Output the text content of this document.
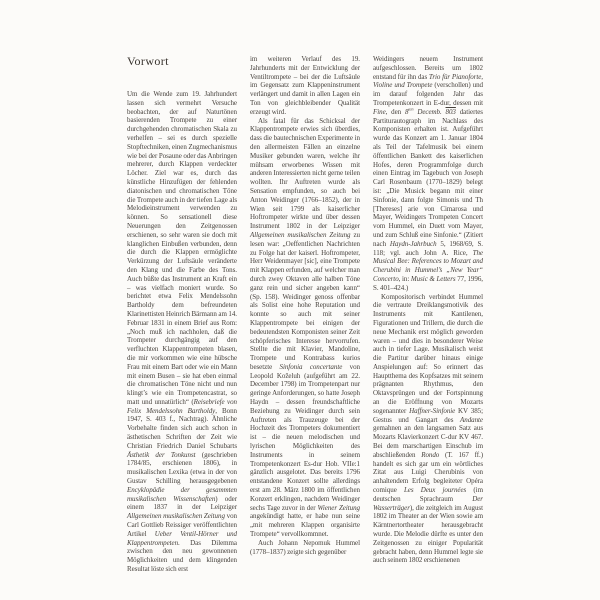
Vorwort

Um die Wende zum 19. Jahrhundert lassen sich vermehrt Versuche beobachten, der auf Naturtönen basierenden Trompete zu einer durchgehenden chromatischen Skala zu verhelfen – sei es durch spezielle Stopftechniken, einen Zugmechanismus wie bei der Posaune oder das Anbringen mehrerer, durch Klappen verdeckter Löcher. Ziel war es, durch das künstliche Hinzufügen der fehlenden diatonischen und chromatischen Töne die Trompete auch in der tiefen Lage als Melodieinstrument verwenden zu können. So sensationell diese Neuerungen den Zeitgenossen erschienen, so sehr waren sie doch mit klanglichen Einbußen verbunden, denn die durch die Klappen ermöglichte Verkürzung der Luftsäule veränderte den Klang und die Farbe des Tons. Auch büßte das Instrument an Kraft ein – was vielfach moniert wurde. So berichtet etwa Felix Mendelssohn Bartholdy dem befreundeten Klarinettisten Heinrich Bärmann am 14. Februar 1831 in einem Brief aus Rom: „Noch muß ich nachholen, daß die Trompeter durchgängig auf den verfluchten Klappentrompeten blasen, die mir vorkommen wie eine hübsche Frau mit einem Bart oder wie ein Mann mit einem Busen – sie hat eben einmal die chromatischen Töne nicht und nun klingt’s wie ein Trompetencastrat, so matt und unnatürlich“ (Reisebriefe von Felix Mendelssohn Bartholdy, Bonn 1947, S. 403 f., Nachtrag). Ähnliche Vorbehalte finden sich auch schon in ästhetischen Schriften der Zeit wie Christian Friedrich Daniel Schubarts Ästhetik der Tonkunst (geschrieben 1784/85, erschienen 1806), in musikalischen Lexika (etwa in der von Gustav Schilling herausgegebenen Encyklopädie der gesammten musikalischen Wissenschaften) oder einem 1837 in der Leipziger Allgemeinen musikalischen Zeitung von Carl Gottlieb Reissiger veröffentlichten Artikel Ueber Ventil-Hörner und Klappentrompeten. Das Dilemma zwischen den neu gewonnenen Möglichkeiten und dem klingenden Resultat löste sich erst

im weiteren Verlauf des 19. Jahrhunderts mit der Entwicklung der Ventiltrompete – bei der die Luftsäule im Gegensatz zum Klappeninstrument verlängert und damit in allen Lagen ein Ton von gleichbleibender Qualität erzeugt wird.

Als fatal für das Schicksal der Klappentrompete erwies sich überdies, dass die bautechnischen Experimente in den allermeisten Fällen an einzelne Musiker gebunden waren, welche ihr mühsam erworbenes Wissen mit anderen Interessierten nicht gerne teilen wollten. Ihr Auftreten wurde als Sensation empfunden, so auch bei Anton Weidinger (1766–1852), der in Wien seit 1799 als kaiserlicher Hoftrompeter wirkte und über dessen Instrument 1802 in der Leipziger Allgemeinen musikalischen Zeitung zu lesen war: „Oeffentlichen Nachrichten zu Folge hat der kaiserl. Hoftrompeter, Herr Weidenmayer [sic], eine Trompete mit Klappen erfunden, auf welcher man durch zwey Oktaven alle halben Töne ganz rein und sicher angeben kann“ (Sp. 158). Weidinger genoss offenbar als Solist eine hohe Reputation und konnte so auch mit seiner Klappentrompete bei einigen der bedeutendsten Komponisten seiner Zeit schöpferisches Interesse hervorrufen. Stellte die mit Klavier, Mandoline, Trompete und Kontrabass kurios besetzte Sinfonia concertante von Leopold Koželuh (aufgeführt am 22. December 1798) im Trompetenpart nur geringe Anforderungen, so hatte Joseph Haydn – dessen freundschaftliche Beziehung zu Weidinger durch sein Auftreten als Trauzeuge bei der Hochzeit des Trompeters dokumentiert ist – die neuen melodischen und lyrischen Möglichkeiten des Instruments in seinem Trompetenkonzert Es-dur Hob. VIIe:1 gänzlich ausgelotet. Das bereits 1796 entstandene Konzert sollte allerdings erst am 28. März 1800 im öffentlichen Konzert erklingen, nachdem Weidinger sechs Tage zuvor in der Wiener Zeitung angekündigt hatte, er habe nun seine „mit mehreren Klappen organisirte Trompete“ vervollkommnet.

Auch Johann Nepomuk Hummel (1778–1837) zeigte sich gegenüber

Weidingers neuem Instrument aufgeschlossen. Bereits um 1802 entstand für ihn das Trio für Pianoforte, Violine und Trompete (verschollen) und im darauf folgenden Jahr das Trompetenkonzert in E-dur, dessen mit Fine, den $8^{ten}$ Decemb. 803 datiertes Partiturautograph im Nachlass des Komponisten erhalten ist. Aufgeführt wurde das Konzert am 1. Januar 1804 als Teil der Tafelmusik bei einem öffentlichen Bankett des kaiserlichen Hofes, deren Programmfolge durch einen Eintrag im Tagebuch von Joseph Carl Rosenbaum (1770–1829) belegt ist: „Die Musick begann mit einer Sinfonie, dann folgte Simonis und Th [Thereses] arie von Cimarosa und Mayer, Weidingers Trompeten Concert vom Hummel, ein Duett vom Mayer, und zum Schluß eine Sinfonie.“ (Zitiert nach Haydn-Jahrbuch 5, 1968/69, S. 118; vgl. auch John A. Rice, The Musical Bee: References to Mozart and Cherubini in Hummel’s „New Year“ Concerto, in: Music & Letters 77, 1996, S. 401–424.)

Kompositorisch verbindet Hummel die vertraute Dreiklangsmotivik des Instruments mit Kantilenen, Figurationen und Trillern, die durch die neue Mechanik erst möglich geworden waren – und dies in besonderer Weise auch in tiefer Lage. Musikalisch weist die Partitur darüber hinaus einige Anspielungen auf: So erinnert das Hauptthema des Kopfsatzes mit seinem prägnanten Rhythmus, den Oktavsprüngen und der Fortspinnung an die Eröffnung von Mozarts sogenannter Haffner-Sinfonie KV 385; Gestus und Gangart des Andante gemahnen an den langsamen Satz aus Mozarts Klavierkonzert C-dur KV 467. Bei dem marschartigen Einschub im abschließenden Rondo (T. 167 ff.) handelt es sich gar um ein wörtliches Zitat aus Luigi Cherubinis von anhaltendem Erfolg begleiteter Opéra comique Les Deux journées (im deutschen Sprachraum Der Wasserträger), die zeitgleich im August 1802 im Theater an der Wien sowie am Kärntnertortheater herausgebracht wurde. Die Melodie dürfte es unter den Zeitgenossen zu einiger Popularität gebracht haben, denn Hummel legte sie auch seinem 1802 erschienenen
